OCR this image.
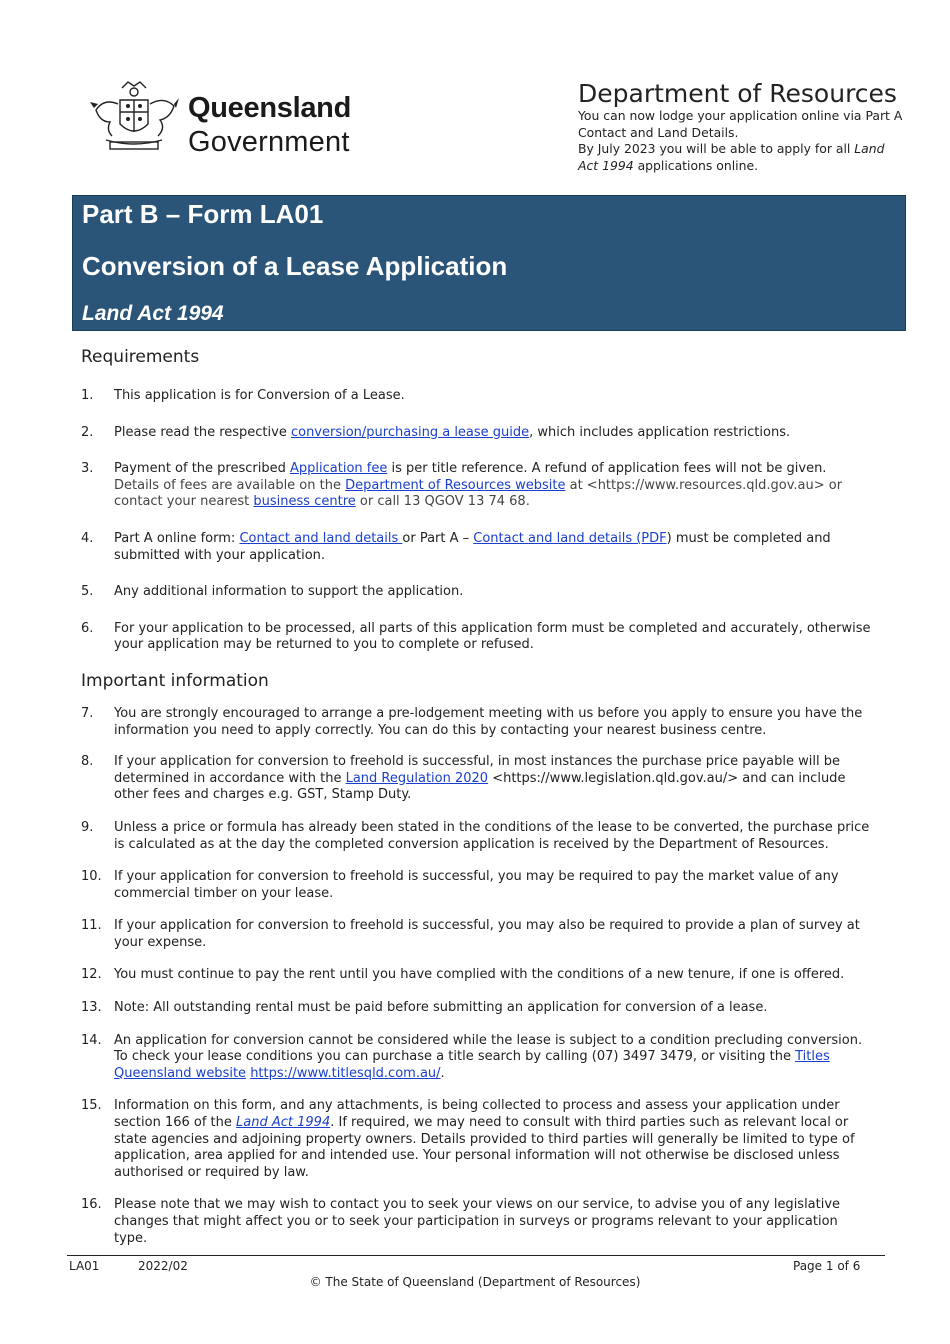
Queensland
Government
Department of Resources

You can now lodge your application online via Part A Contact and Land Details.
By July 2023 you will be able to apply for all Land Act 1994 applications online.

Part B – Form LA01
Conversion of a Lease Application
Land Act 1994
Requirements
1. This application is for Conversion of a Lease.
2. Please read the respective conversion/purchasing a lease guide, which includes application restrictions.
3. Payment of the prescribed Application fee is per title reference. A refund of application fees will not be given. Details of fees are available on the Department of Resources website at <https://www.resources.qld.gov.au> or contact your nearest business centre or call 13 QGOV 13 74 68.
4. Part A online form: Contact and land details or Part A – Contact and land details (PDF) must be completed and submitted with your application.
5. Any additional information to support the application.
6. For your application to be processed, all parts of this application form must be completed and accurately, otherwise your application may be returned to you to complete or refused.
Important information
7. You are strongly encouraged to arrange a pre-lodgement meeting with us before you apply to ensure you have the information you need to apply correctly. You can do this by contacting your nearest business centre.
8. If your application for conversion to freehold is successful, in most instances the purchase price payable will be determined in accordance with the Land Regulation 2020 <https://www.legislation.qld.gov.au/> and can include other fees and charges e.g. GST, Stamp Duty.
9. Unless a price or formula has already been stated in the conditions of the lease to be converted, the purchase price is calculated as at the day the completed conversion application is received by the Department of Resources.
10. If your application for conversion to freehold is successful, you may be required to pay the market value of any commercial timber on your lease.
11. If your application for conversion to freehold is successful, you may also be required to provide a plan of survey at your expense.
12. You must continue to pay the rent until you have complied with the conditions of a new tenure, if one is offered.
13. Note: All outstanding rental must be paid before submitting an application for conversion of a lease.
14. An application for conversion cannot be considered while the lease is subject to a condition precluding conversion. To check your lease conditions you can purchase a title search by calling (07) 3497 3479, or visiting the Titles Queensland website https://www.titlesqld.com.au/.
15. Information on this form, and any attachments, is being collected to process and assess your application under section 166 of the Land Act 1994. If required, we may need to consult with third parties such as relevant local or state agencies and adjoining property owners. Details provided to third parties will generally be limited to type of application, area applied for and intended use. Your personal information will not otherwise be disclosed unless authorised or required by law.
16. Please note that we may wish to contact you to seek your views on our service, to advise you of any legislative changes that might affect you or to seek your participation in surveys or programs relevant to your application type.
LA01	2022/02	Page 1 of 6
© The State of Queensland (Department of Resources)
